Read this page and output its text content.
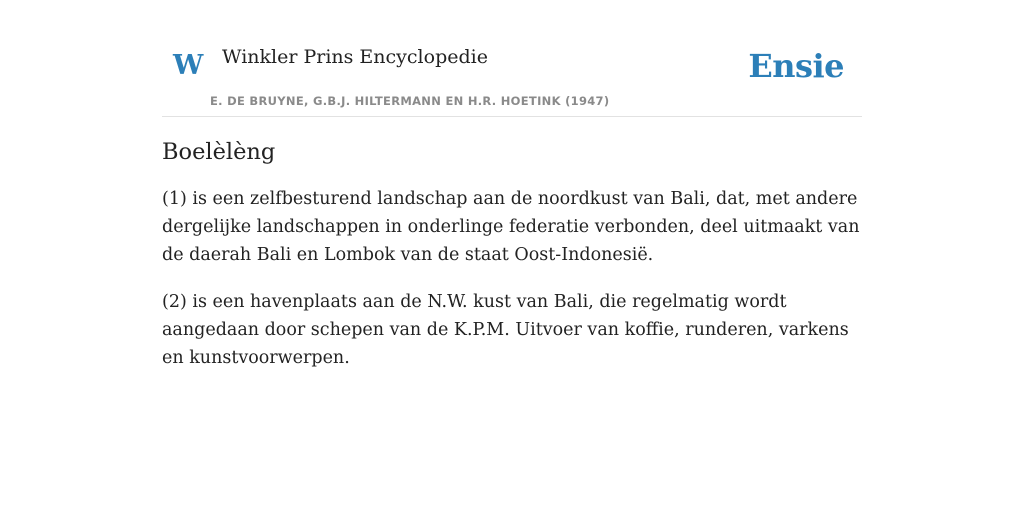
W Winkler Prins Encyclopedie
E. DE BRUYNE, G.B.J. HILTERMANN EN H.R. HOETINK (1947)
Ensie
Boelèlèng

(1) is een zelfbesturend landschap aan de noordkust van Bali, dat, met andere dergelijke landschappen in onderlinge federatie verbonden, deel uitmaakt van de daerah Bali en Lombok van de staat Oost-Indonesië.

(2) is een havenplaats aan de N.W. kust van Bali, die regelmatig wordt aangedaan door schepen van de K.P.M. Uitvoer van koffie, runderen, varkens en kunstvoorwerpen.
